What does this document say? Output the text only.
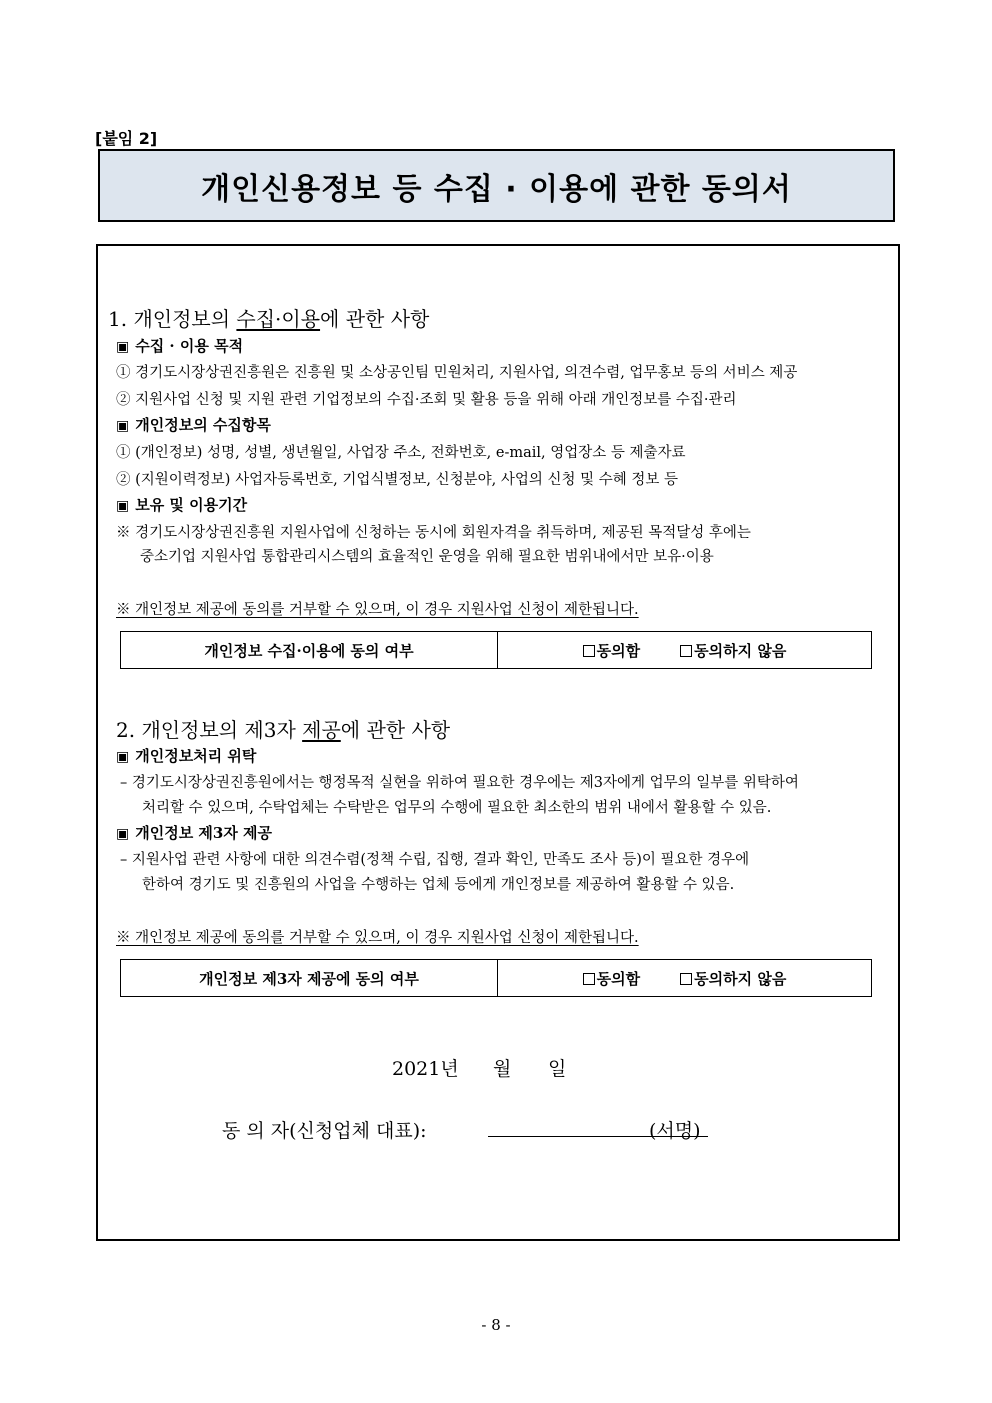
[붙임 2]
개인신용정보 등 수집 · 이용에 관한 동의서
1. 개인정보의 수집·이용에 관한 사항
▣ 수집 · 이용 목적
① 경기도시장상권진흥원은 진흥원 및 소상공인팀 민원처리, 지원사업, 의견수렴, 업무홍보 등의 서비스 제공
② 지원사업 신청 및 지원 관련 기업정보의 수집·조회 및 활용 등을 위해 아래 개인정보를 수집·관리
▣ 개인정보의 수집항목
① (개인정보) 성명, 성별, 생년월일, 사업장 주소, 전화번호, e-mail, 영업장소 등 제출자료
② (지원이력정보) 사업자등록번호, 기업식별정보, 신청분야, 사업의 신청 및 수혜 정보 등
▣ 보유 및 이용기간
※ 경기도시장상권진흥원 지원사업에 신청하는 동시에 회원자격을 취득하며, 제공된 목적달성 후에는
중소기업 지원사업 통합관리시스템의 효율적인 운영을 위해 필요한 범위내에서만 보유·이용
※ 개인정보 제공에 동의를 거부할 수 있으며, 이 경우 지원사업 신청이 제한됩니다.
개인정보 수집·이용에 동의 여부	동의함	동의하지 않음
2. 개인정보의 제3자 제공에 관한 사항
▣ 개인정보처리 위탁
– 경기도시장상권진흥원에서는 행정목적 실현을 위하여 필요한 경우에는 제3자에게 업무의 일부를 위탁하여
처리할 수 있으며, 수탁업체는 수탁받은 업무의 수행에 필요한 최소한의 범위 내에서 활용할 수 있음.
▣ 개인정보 제3자 제공
– 지원사업 관련 사항에 대한 의견수렴(정책 수립, 집행, 결과 확인, 만족도 조사 등)이 필요한 경우에
한하여 경기도 및 진흥원의 사업을 수행하는 업체 등에게 개인정보를 제공하여 활용할 수 있음.
※ 개인정보 제공에 동의를 거부할 수 있으며, 이 경우 지원사업 신청이 제한됩니다.
개인정보 제3자 제공에 동의 여부	동의함	동의하지 않음
2021년 월 일
동 의 자(신청업체 대표):	(서명)
- 8 -
